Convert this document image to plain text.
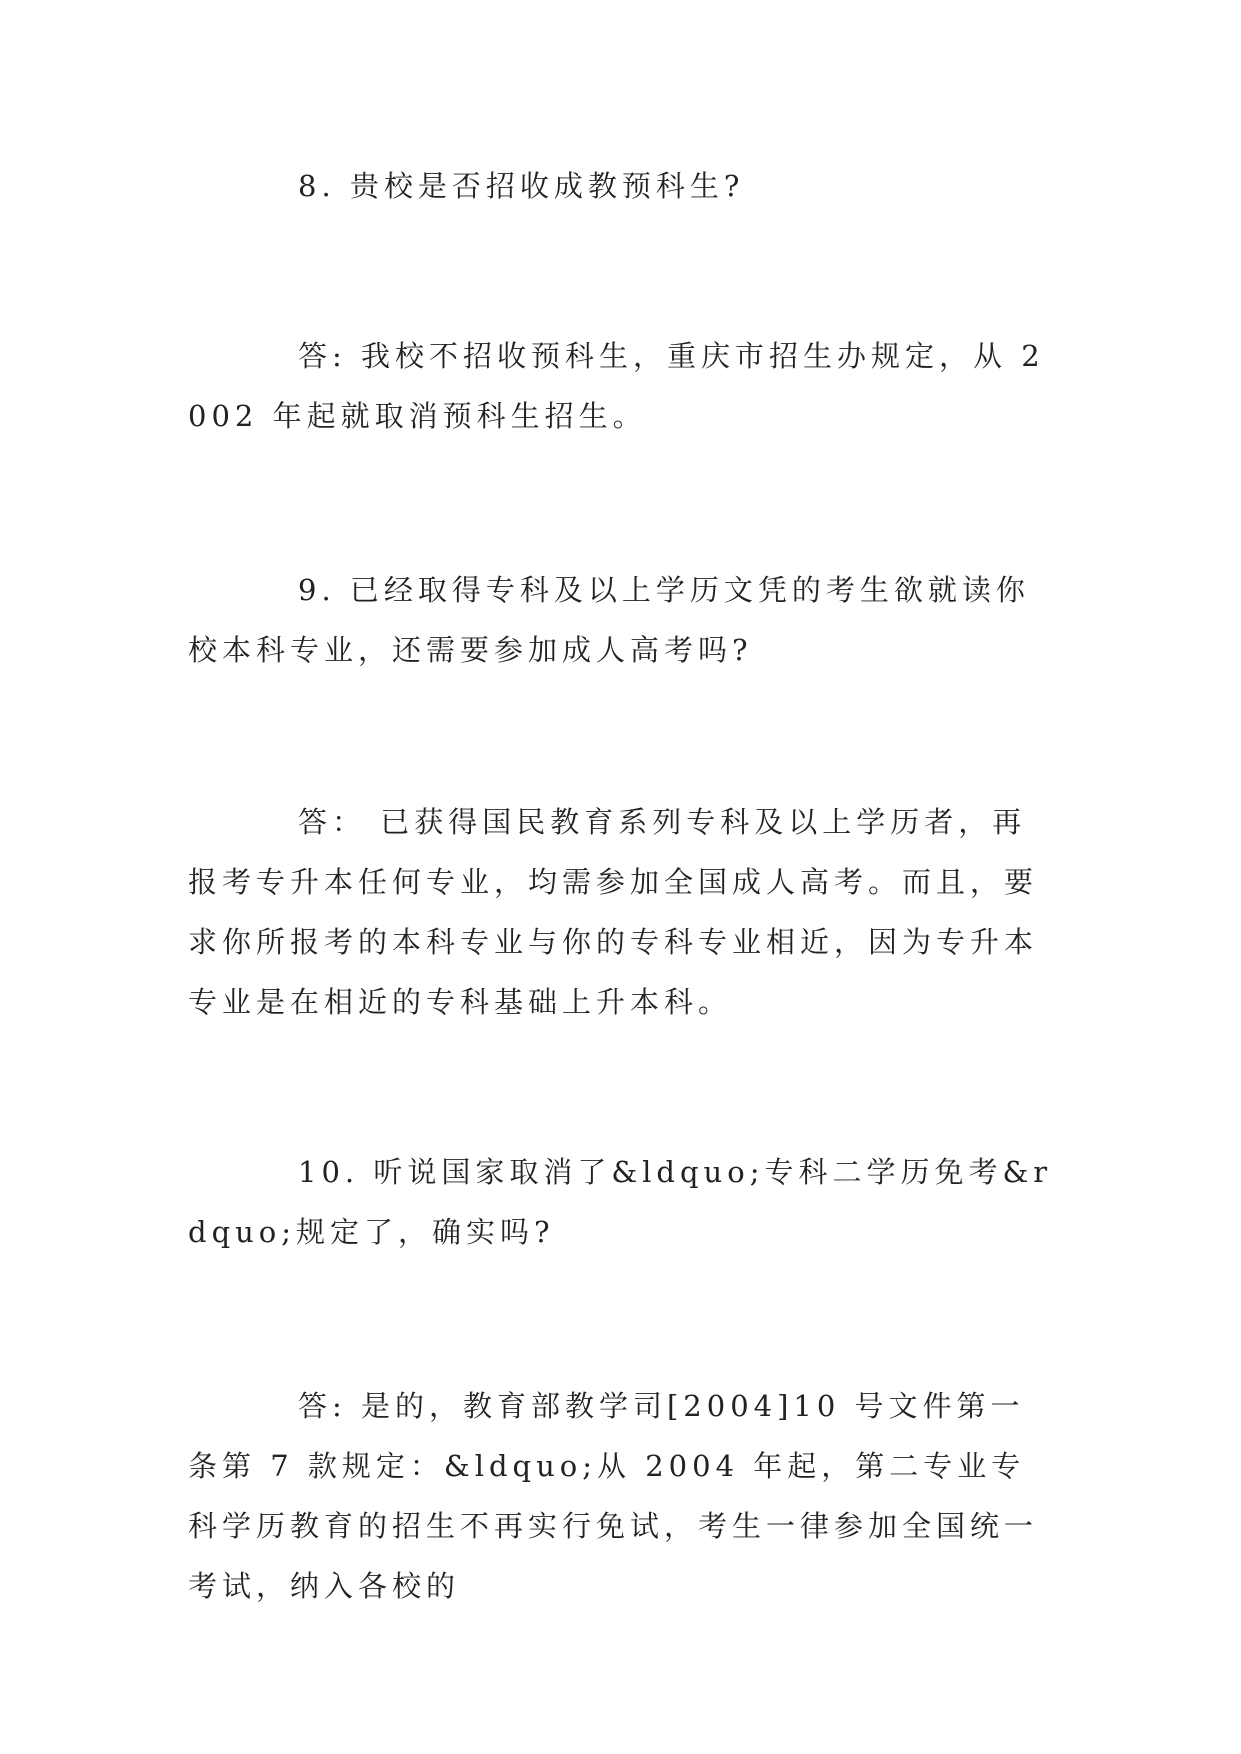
8. 贵校是否招收成教预科生?

答: 我校不招收预科生，重庆市招生办规定，从 2002 年起就取消预科生招生。

9. 已经取得专科及以上学历文凭的考生欲就读你校本科专业，还需要参加成人高考吗?

答： 已获得国民教育系列专科及以上学历者，再报考专升本任何专业，均需参加全国成人高考。而且，要求你所报考的本科专业与你的专科专业相近，因为专升本专业是在相近的专科基础上升本科。

10. 听说国家取消了&ldquo;专科二学历免考&rdquo;规定了，确实吗?

答: 是的，教育部教学司[2004]10 号文件第一条第 7 款规定：&ldquo;从 2004 年起，第二专业专科学历教育的招生不再实行免试，考生一律参加全国统一考试，纳入各校的
